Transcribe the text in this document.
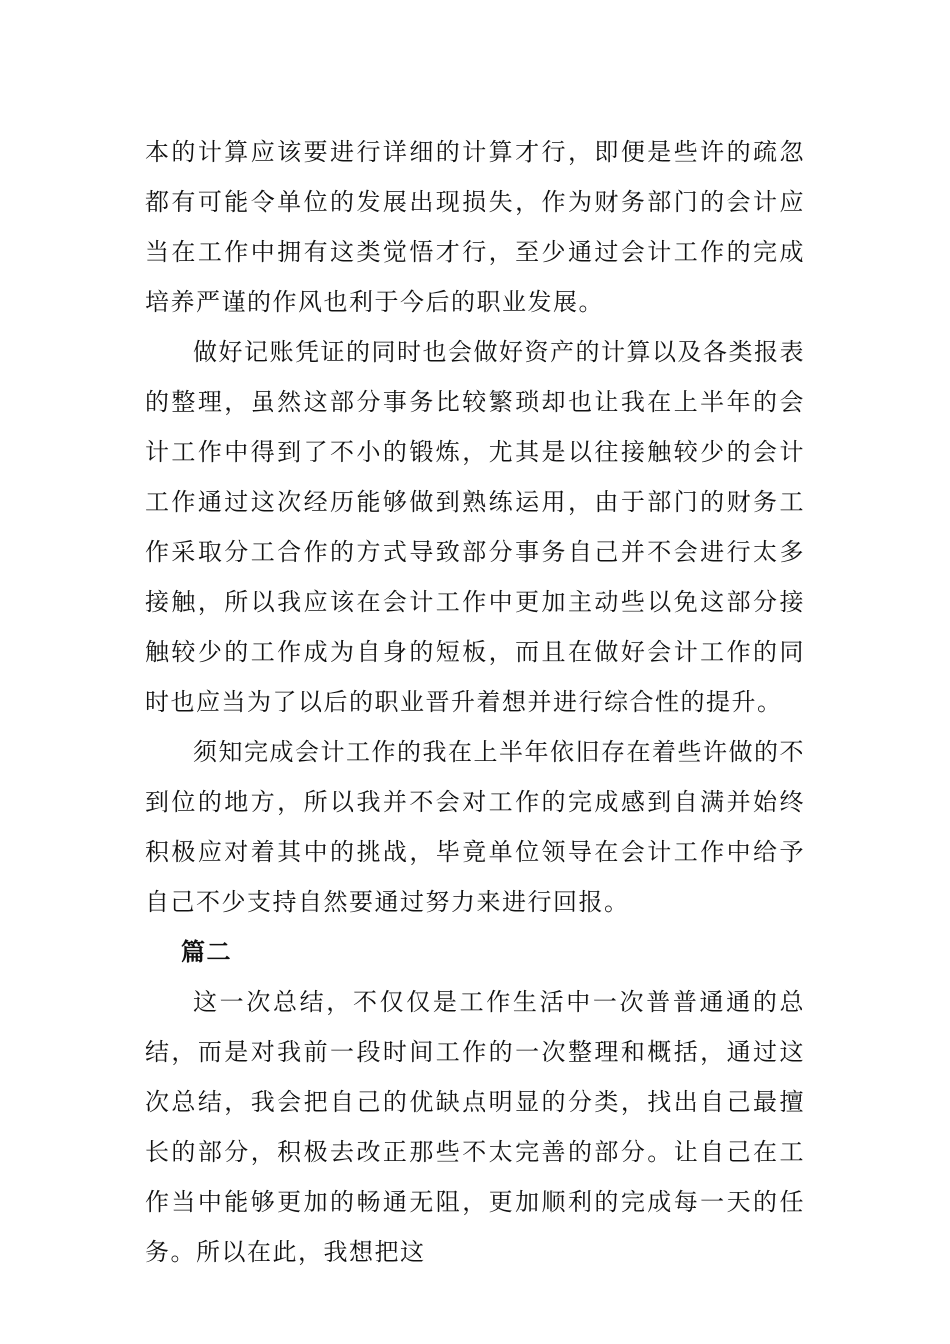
本的计算应该要进行详细的计算才行，即便是些许的疏忽都有可能令单位的发展出现损失，作为财务部门的会计应当在工作中拥有这类觉悟才行，至少通过会计工作的完成培养严谨的作风也利于今后的职业发展。

做好记账凭证的同时也会做好资产的计算以及各类报表的整理，虽然这部分事务比较繁琐却也让我在上半年的会计工作中得到了不小的锻炼，尤其是以往接触较少的会计工作通过这次经历能够做到熟练运用，由于部门的财务工作采取分工合作的方式导致部分事务自己并不会进行太多接触，所以我应该在会计工作中更加主动些以免这部分接触较少的工作成为自身的短板，而且在做好会计工作的同时也应当为了以后的职业晋升着想并进行综合性的提升。

须知完成会计工作的我在上半年依旧存在着些许做的不到位的地方，所以我并不会对工作的完成感到自满并始终积极应对着其中的挑战，毕竟单位领导在会计工作中给予自己不少支持自然要通过努力来进行回报。

篇二

这一次总结，不仅仅是工作生活中一次普普通通的总结，而是对我前一段时间工作的一次整理和概括，通过这次总结，我会把自己的优缺点明显的分类，找出自己最擅长的部分，积极去改正那些不太完善的部分。让自己在工作当中能够更加的畅通无阻，更加顺利的完成每一天的任务。所以在此，我想把这
